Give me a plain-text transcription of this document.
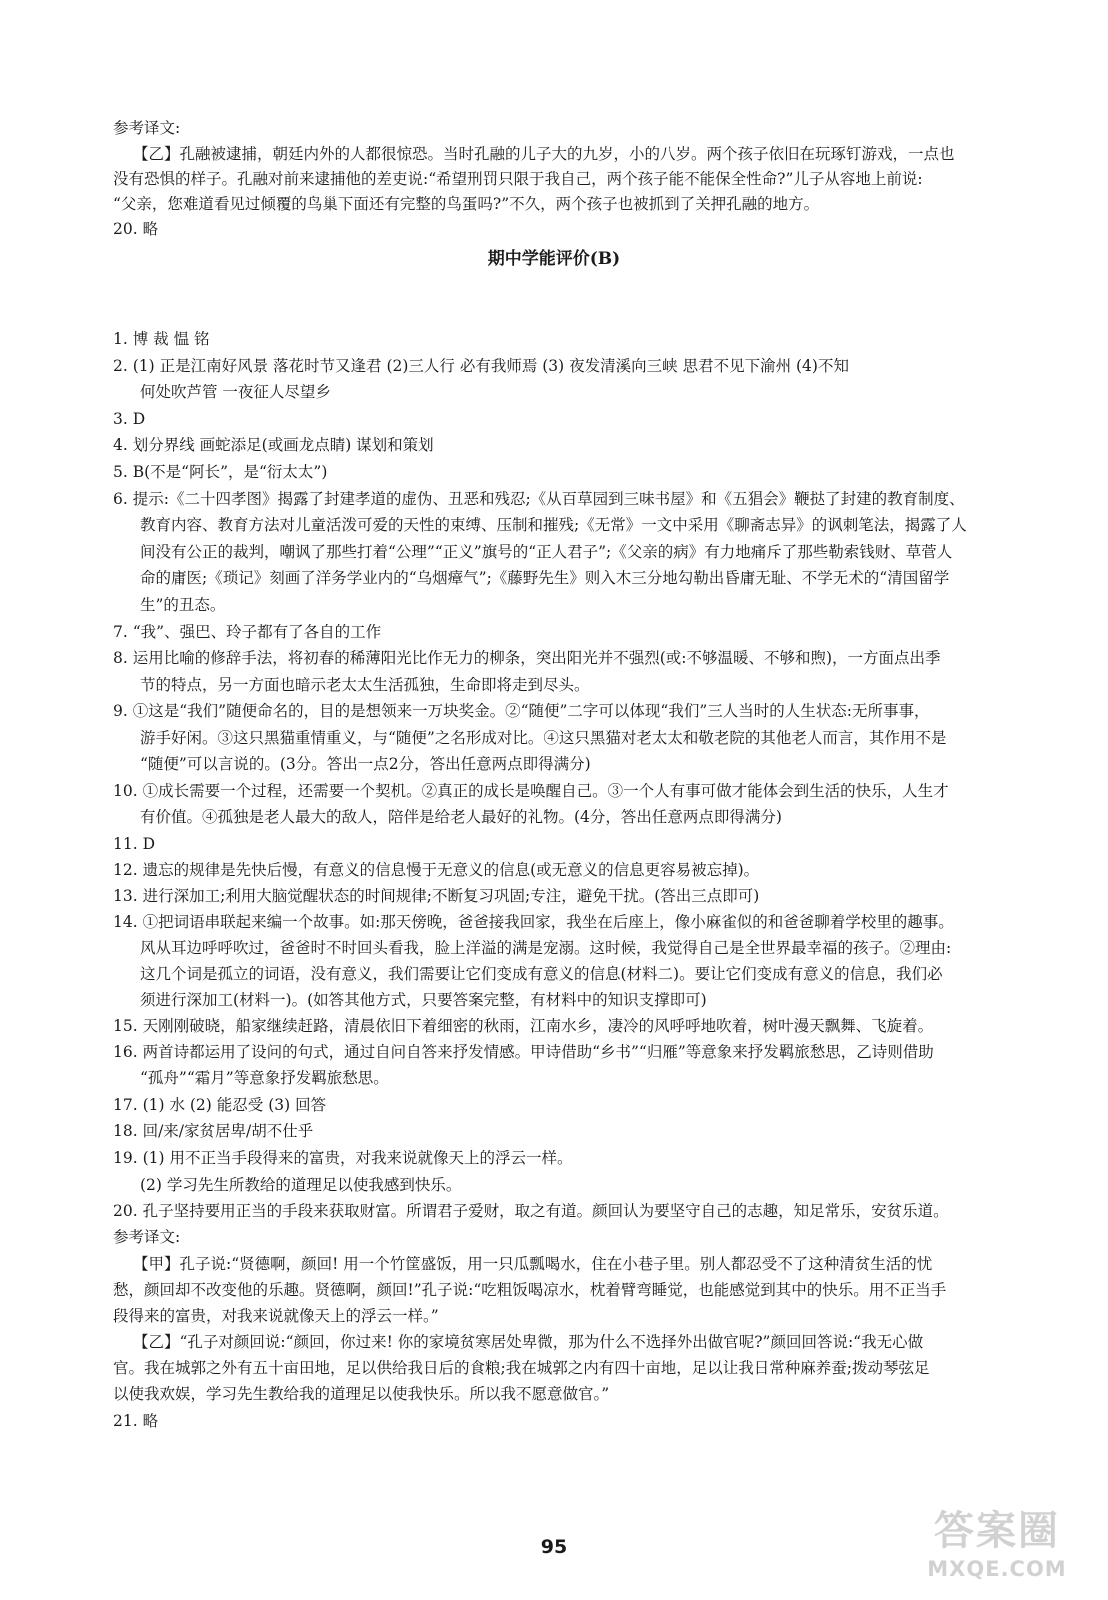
参考译文:
【乙】孔融被逮捕，朝廷内外的人都很惊恐。当时孔融的儿子大的九岁，小的八岁。两个孩子依旧在玩琢钉游戏，一点也
没有恐惧的样子。孔融对前来逮捕他的差吏说:“希望刑罚只限于我自己，两个孩子能不能保全性命?”儿子从容地上前说:
“父亲，您难道看见过倾覆的鸟巢下面还有完整的鸟蛋吗?”不久，两个孩子也被抓到了关押孔融的地方。
20. 略
期中学能评价(B)
1. 博 裁 愠 铭
2. (1) 正是江南好风景 落花时节又逢君 (2)三人行 必有我师焉 (3) 夜发清溪向三峡 思君不见下渝州 (4)不知
何处吹芦管 一夜征人尽望乡
3. D
4. 划分界线 画蛇添足(或画龙点睛) 谋划和策划
5. B(不是“阿长”，是“衍太太”)
6. 提示:《二十四孝图》揭露了封建孝道的虚伪、丑恶和残忍;《从百草园到三味书屋》和《五猖会》鞭挞了封建的教育制度、
教育内容、教育方法对儿童活泼可爱的天性的束缚、压制和摧残;《无常》一文中采用《聊斋志异》的讽刺笔法，揭露了人
间没有公正的裁判，嘲讽了那些打着“公理”“正义”旗号的“正人君子”;《父亲的病》有力地痛斥了那些勒索钱财、草菅人
命的庸医;《琐记》刻画了洋务学业内的“乌烟瘴气”;《藤野先生》则入木三分地勾勒出昏庸无耻、不学无术的“清国留学
生”的丑态。
7. “我”、强巴、玲子都有了各自的工作
8. 运用比喻的修辞手法，将初春的稀薄阳光比作无力的柳条，突出阳光并不强烈(或:不够温暖、不够和煦)，一方面点出季
节的特点，另一方面也暗示老太太生活孤独，生命即将走到尽头。
9. ①这是“我们”随便命名的，目的是想领来一万块奖金。②“随便”二字可以体现“我们”三人当时的人生状态:无所事事，
游手好闲。③这只黑猫重情重义，与“随便”之名形成对比。④这只黑猫对老太太和敬老院的其他老人而言，其作用不是
“随便”可以言说的。(3分。答出一点2分，答出任意两点即得满分)
10. ①成长需要一个过程，还需要一个契机。②真正的成长是唤醒自己。③一个人有事可做才能体会到生活的快乐，人生才
有价值。④孤独是老人最大的敌人，陪伴是给老人最好的礼物。(4分，答出任意两点即得满分)
11. D
12. 遗忘的规律是先快后慢，有意义的信息慢于无意义的信息(或无意义的信息更容易被忘掉)。
13. 进行深加工;利用大脑觉醒状态的时间规律;不断复习巩固;专注，避免干扰。(答出三点即可)
14. ①把词语串联起来编一个故事。如:那天傍晚，爸爸接我回家，我坐在后座上，像小麻雀似的和爸爸聊着学校里的趣事。
风从耳边呼呼吹过，爸爸时不时回头看我，脸上洋溢的满是宠溺。这时候，我觉得自己是全世界最幸福的孩子。②理由:
这几个词是孤立的词语，没有意义，我们需要让它们变成有意义的信息(材料二)。要让它们变成有意义的信息，我们必
须进行深加工(材料一)。(如答其他方式，只要答案完整，有材料中的知识支撑即可)
15. 天刚刚破晓，船家继续赶路，清晨依旧下着细密的秋雨，江南水乡，凄冷的风呼呼地吹着，树叶漫天飘舞、飞旋着。
16. 两首诗都运用了设问的句式，通过自问自答来抒发情感。甲诗借助“乡书”“归雁”等意象来抒发羁旅愁思，乙诗则借助
“孤舟”“霜月”等意象抒发羁旅愁思。
17. (1) 水 (2) 能忍受 (3) 回答
18. 回/来/家贫居卑/胡不仕乎
19. (1) 用不正当手段得来的富贵，对我来说就像天上的浮云一样。
(2) 学习先生所教给的道理足以使我感到快乐。
20. 孔子坚持要用正当的手段来获取财富。所谓君子爱财，取之有道。颜回认为要坚守自己的志趣，知足常乐，安贫乐道。
参考译文:
【甲】孔子说:“贤德啊，颜回! 用一个竹筐盛饭，用一只瓜瓢喝水，住在小巷子里。别人都忍受不了这种清贫生活的忧
愁，颜回却不改变他的乐趣。贤德啊，颜回!”孔子说:“吃粗饭喝凉水，枕着臂弯睡觉，也能感觉到其中的快乐。用不正当手
段得来的富贵，对我来说就像天上的浮云一样。”
【乙】“孔子对颜回说:“颜回，你过来! 你的家境贫寒居处卑微，那为什么不选择外出做官呢?”颜回回答说:“我无心做
官。我在城郭之外有五十亩田地，足以供给我日后的食粮;我在城郭之内有四十亩地，足以让我日常种麻养蚕;拨动琴弦足
以使我欢娱，学习先生教给我的道理足以使我快乐。所以我不愿意做官。”
21. 略
95	答案圈
MXQE.COM
